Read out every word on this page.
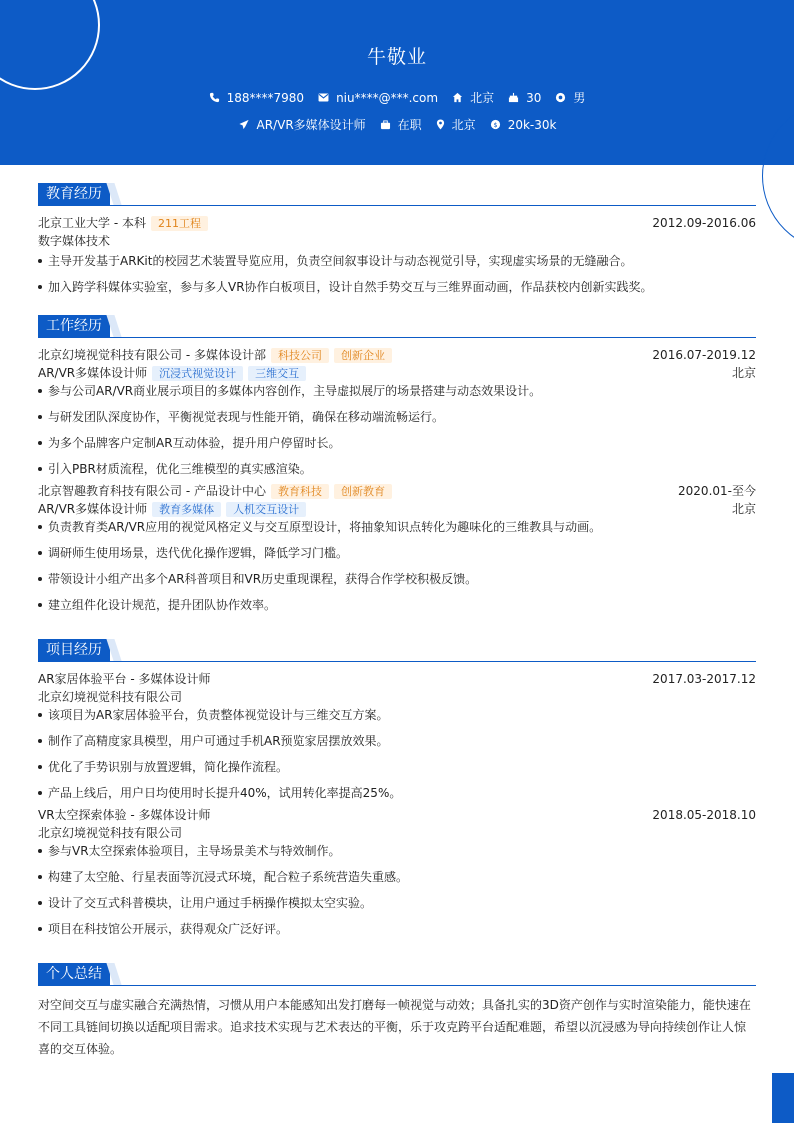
牛敬业
188****7980	niu****@***.com	北京	30	男
AR/VR多媒体设计师	在职	北京 $ 20k-30k
教育经历
北京工业大学 - 本科	211工程	2012.09-2016.06
数字媒体技术
主导开发基于ARKit的校园艺术装置导览应用，负责空间叙事设计与动态视觉引导，实现虚实场景的无缝融合。
加入跨学科媒体实验室，参与多人VR协作白板项目，设计自然手势交互与三维界面动画，作品获校内创新实践奖。
工作经历
北京幻境视觉科技有限公司 - 多媒体设计部	科技公司	创新企业	2016.07-2019.12
AR/VR多媒体设计师	沉浸式视觉设计	三维交互	北京
参与公司AR/VR商业展示项目的多媒体内容创作，主导虚拟展厅的场景搭建与动态效果设计。
与研发团队深度协作，平衡视觉表现与性能开销，确保在移动端流畅运行。
为多个品牌客户定制AR互动体验，提升用户停留时长。
引入PBR材质流程，优化三维模型的真实感渲染。
北京智趣教育科技有限公司 - 产品设计中心	教育科技	创新教育	2020.01-至今
AR/VR多媒体设计师	教育多媒体	人机交互设计	北京
负责教育类AR/VR应用的视觉风格定义与交互原型设计，将抽象知识点转化为趣味化的三维教具与动画。
调研师生使用场景，迭代优化操作逻辑，降低学习门槛。
带领设计小组产出多个AR科普项目和VR历史重现课程，获得合作学校积极反馈。
建立组件化设计规范，提升团队协作效率。
项目经历
AR家居体验平台 - 多媒体设计师	2017.03-2017.12
北京幻境视觉科技有限公司
该项目为AR家居体验平台，负责整体视觉设计与三维交互方案。
制作了高精度家具模型，用户可通过手机AR预览家居摆放效果。
优化了手势识别与放置逻辑，简化操作流程。
产品上线后，用户日均使用时长提升40%，试用转化率提高25%。
VR太空探索体验 - 多媒体设计师	2018.05-2018.10
北京幻境视觉科技有限公司
参与VR太空探索体验项目，主导场景美术与特效制作。
构建了太空舱、行星表面等沉浸式环境，配合粒子系统营造失重感。
设计了交互式科普模块，让用户通过手柄操作模拟太空实验。
项目在科技馆公开展示，获得观众广泛好评。
个人总结
对空间交互与虚实融合充满热情，习惯从用户本能感知出发打磨每一帧视觉与动效；具备扎实的3D资产创作与实时渲染能力，能快速在不同工具链间切换以适配项目需求。追求技术实现与艺术表达的平衡，乐于攻克跨平台适配难题，希望以沉浸感为导向持续创作让人惊喜的交互体验。
